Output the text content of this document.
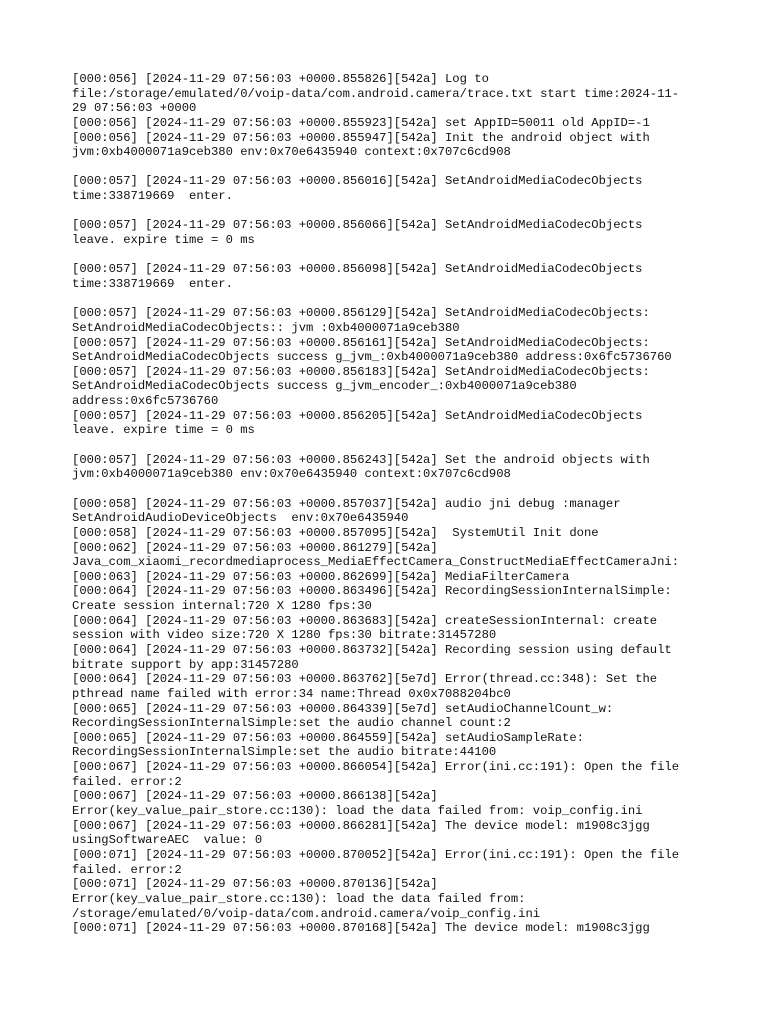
[000:056] [2024-11-29 07:56:03 +0000.855826][542a] Log to
file:/storage/emulated/0/voip-data/com.android.camera/trace.txt start time:2024-11-
29 07:56:03 +0000
[000:056] [2024-11-29 07:56:03 +0000.855923][542a] set AppID=50011 old AppID=-1
[000:056] [2024-11-29 07:56:03 +0000.855947][542a] Init the android object with
jvm:0xb4000071a9ceb380 env:0x70e6435940 context:0x707c6cd908
[000:057] [2024-11-29 07:56:03 +0000.856016][542a] SetAndroidMediaCodecObjects
time:338719669  enter.
[000:057] [2024-11-29 07:56:03 +0000.856066][542a] SetAndroidMediaCodecObjects
leave. expire time = 0 ms
[000:057] [2024-11-29 07:56:03 +0000.856098][542a] SetAndroidMediaCodecObjects
time:338719669  enter.
[000:057] [2024-11-29 07:56:03 +0000.856129][542a] SetAndroidMediaCodecObjects:
SetAndroidMediaCodecObjects:: jvm :0xb4000071a9ceb380
[000:057] [2024-11-29 07:56:03 +0000.856161][542a] SetAndroidMediaCodecObjects:
SetAndroidMediaCodecObjects success g_jvm_:0xb4000071a9ceb380 address:0x6fc5736760
[000:057] [2024-11-29 07:56:03 +0000.856183][542a] SetAndroidMediaCodecObjects:
SetAndroidMediaCodecObjects success g_jvm_encoder_:0xb4000071a9ceb380
address:0x6fc5736760
[000:057] [2024-11-29 07:56:03 +0000.856205][542a] SetAndroidMediaCodecObjects
leave. expire time = 0 ms
[000:057] [2024-11-29 07:56:03 +0000.856243][542a] Set the android objects with
jvm:0xb4000071a9ceb380 env:0x70e6435940 context:0x707c6cd908
[000:058] [2024-11-29 07:56:03 +0000.857037][542a] audio jni debug :manager
SetAndroidAudioDeviceObjects  env:0x70e6435940
[000:058] [2024-11-29 07:56:03 +0000.857095][542a]  SystemUtil Init done
[000:062] [2024-11-29 07:56:03 +0000.861279][542a]
Java_com_xiaomi_recordmediaprocess_MediaEffectCamera_ConstructMediaEffectCameraJni:
[000:063] [2024-11-29 07:56:03 +0000.862699][542a] MediaFilterCamera
[000:064] [2024-11-29 07:56:03 +0000.863496][542a] RecordingSessionInternalSimple:
Create session internal:720 X 1280 fps:30
[000:064] [2024-11-29 07:56:03 +0000.863683][542a] createSessionInternal: create
session with video size:720 X 1280 fps:30 bitrate:31457280
[000:064] [2024-11-29 07:56:03 +0000.863732][542a] Recording session using default
bitrate support by app:31457280
[000:064] [2024-11-29 07:56:03 +0000.863762][5e7d] Error(thread.cc:348): Set the
pthread name failed with error:34 name:Thread 0x0x7088204bc0
[000:065] [2024-11-29 07:56:03 +0000.864339][5e7d] setAudioChannelCount_w:
RecordingSessionInternalSimple:set the audio channel count:2
[000:065] [2024-11-29 07:56:03 +0000.864559][542a] setAudioSampleRate:
RecordingSessionInternalSimple:set the audio bitrate:44100
[000:067] [2024-11-29 07:56:03 +0000.866054][542a] Error(ini.cc:191): Open the file
failed. error:2
[000:067] [2024-11-29 07:56:03 +0000.866138][542a]
Error(key_value_pair_store.cc:130): load the data failed from: voip_config.ini
[000:067] [2024-11-29 07:56:03 +0000.866281][542a] The device model: m1908c3jgg
usingSoftwareAEC  value: 0
[000:071] [2024-11-29 07:56:03 +0000.870052][542a] Error(ini.cc:191): Open the file
failed. error:2
[000:071] [2024-11-29 07:56:03 +0000.870136][542a]
Error(key_value_pair_store.cc:130): load the data failed from:
/storage/emulated/0/voip-data/com.android.camera/voip_config.ini
[000:071] [2024-11-29 07:56:03 +0000.870168][542a] The device model: m1908c3jgg
